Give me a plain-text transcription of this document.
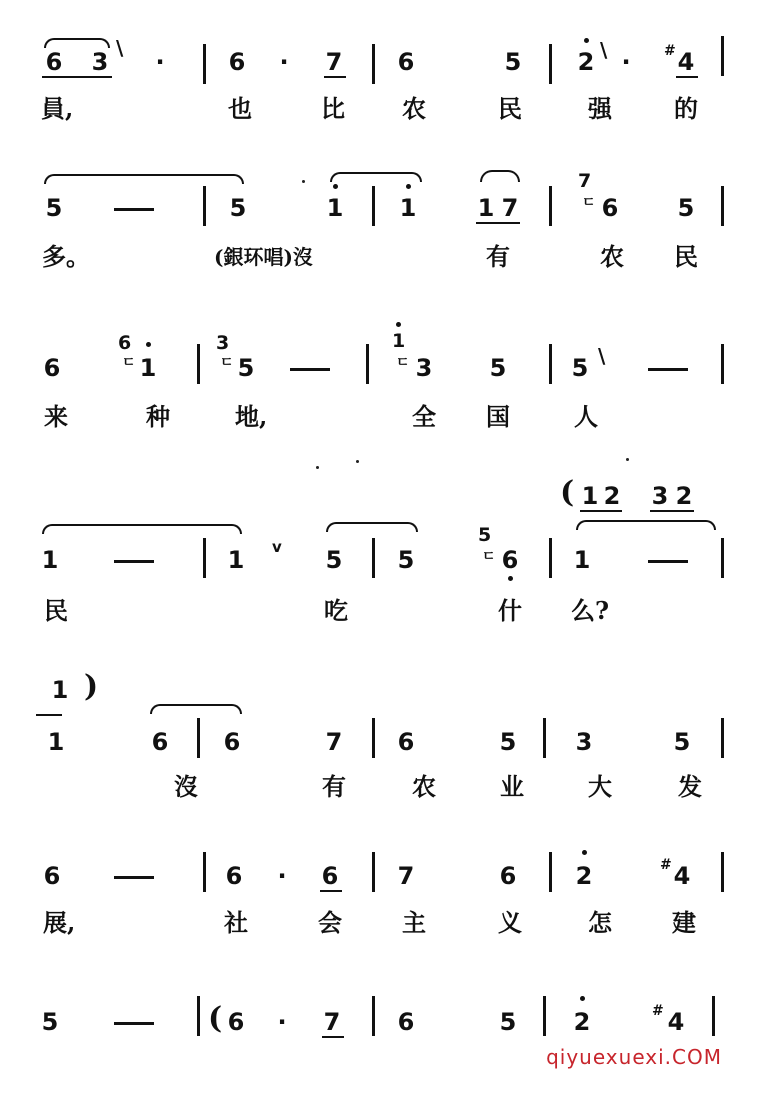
6 3 \ ·	6 · 7 6	5 2 \ ·	# 4
員,	也	比 农	民	强	的
5	5	1 1	1 7
7
ㄷ 6 5
多。	(銀环唱)沒	有	农 民
6
6
ㄷ 1
3
ㄷ 5
1
ㄷ 3 5	5 \
来	种	地,	全 国	人
( 1 2 3 2
1	1 v 5 5
5
ㄷ 6 1
民	吃	什 么?
1 )
1	6 6	7 6	5 3	5
沒	有	农	业	大	发
6	6 · 6 7	6 2	# 4
展,	社	会	主	义	怎	建
5	( 6 · 7 6	5 2	# 4
qiyuexuexi.COM
